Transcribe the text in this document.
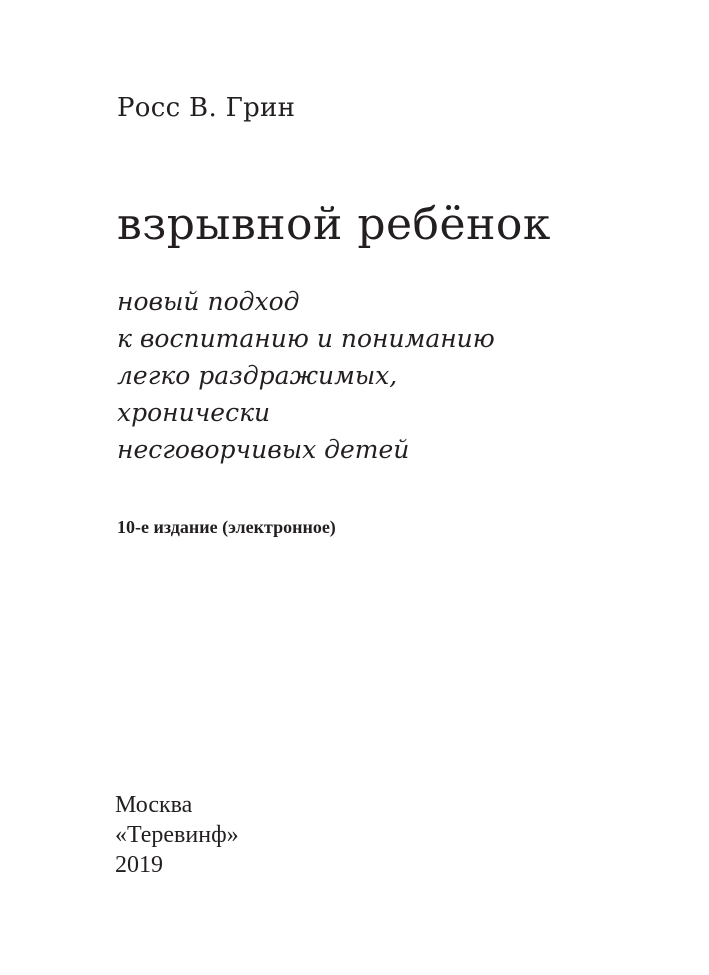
Росс В. Грин
взрывной ребёнок
новый подход
к воспитанию и пониманию
легко раздражимых,
хронически
несговорчивых детей
10-е издание (электронное)
Москва
«Теревинф»
2019
